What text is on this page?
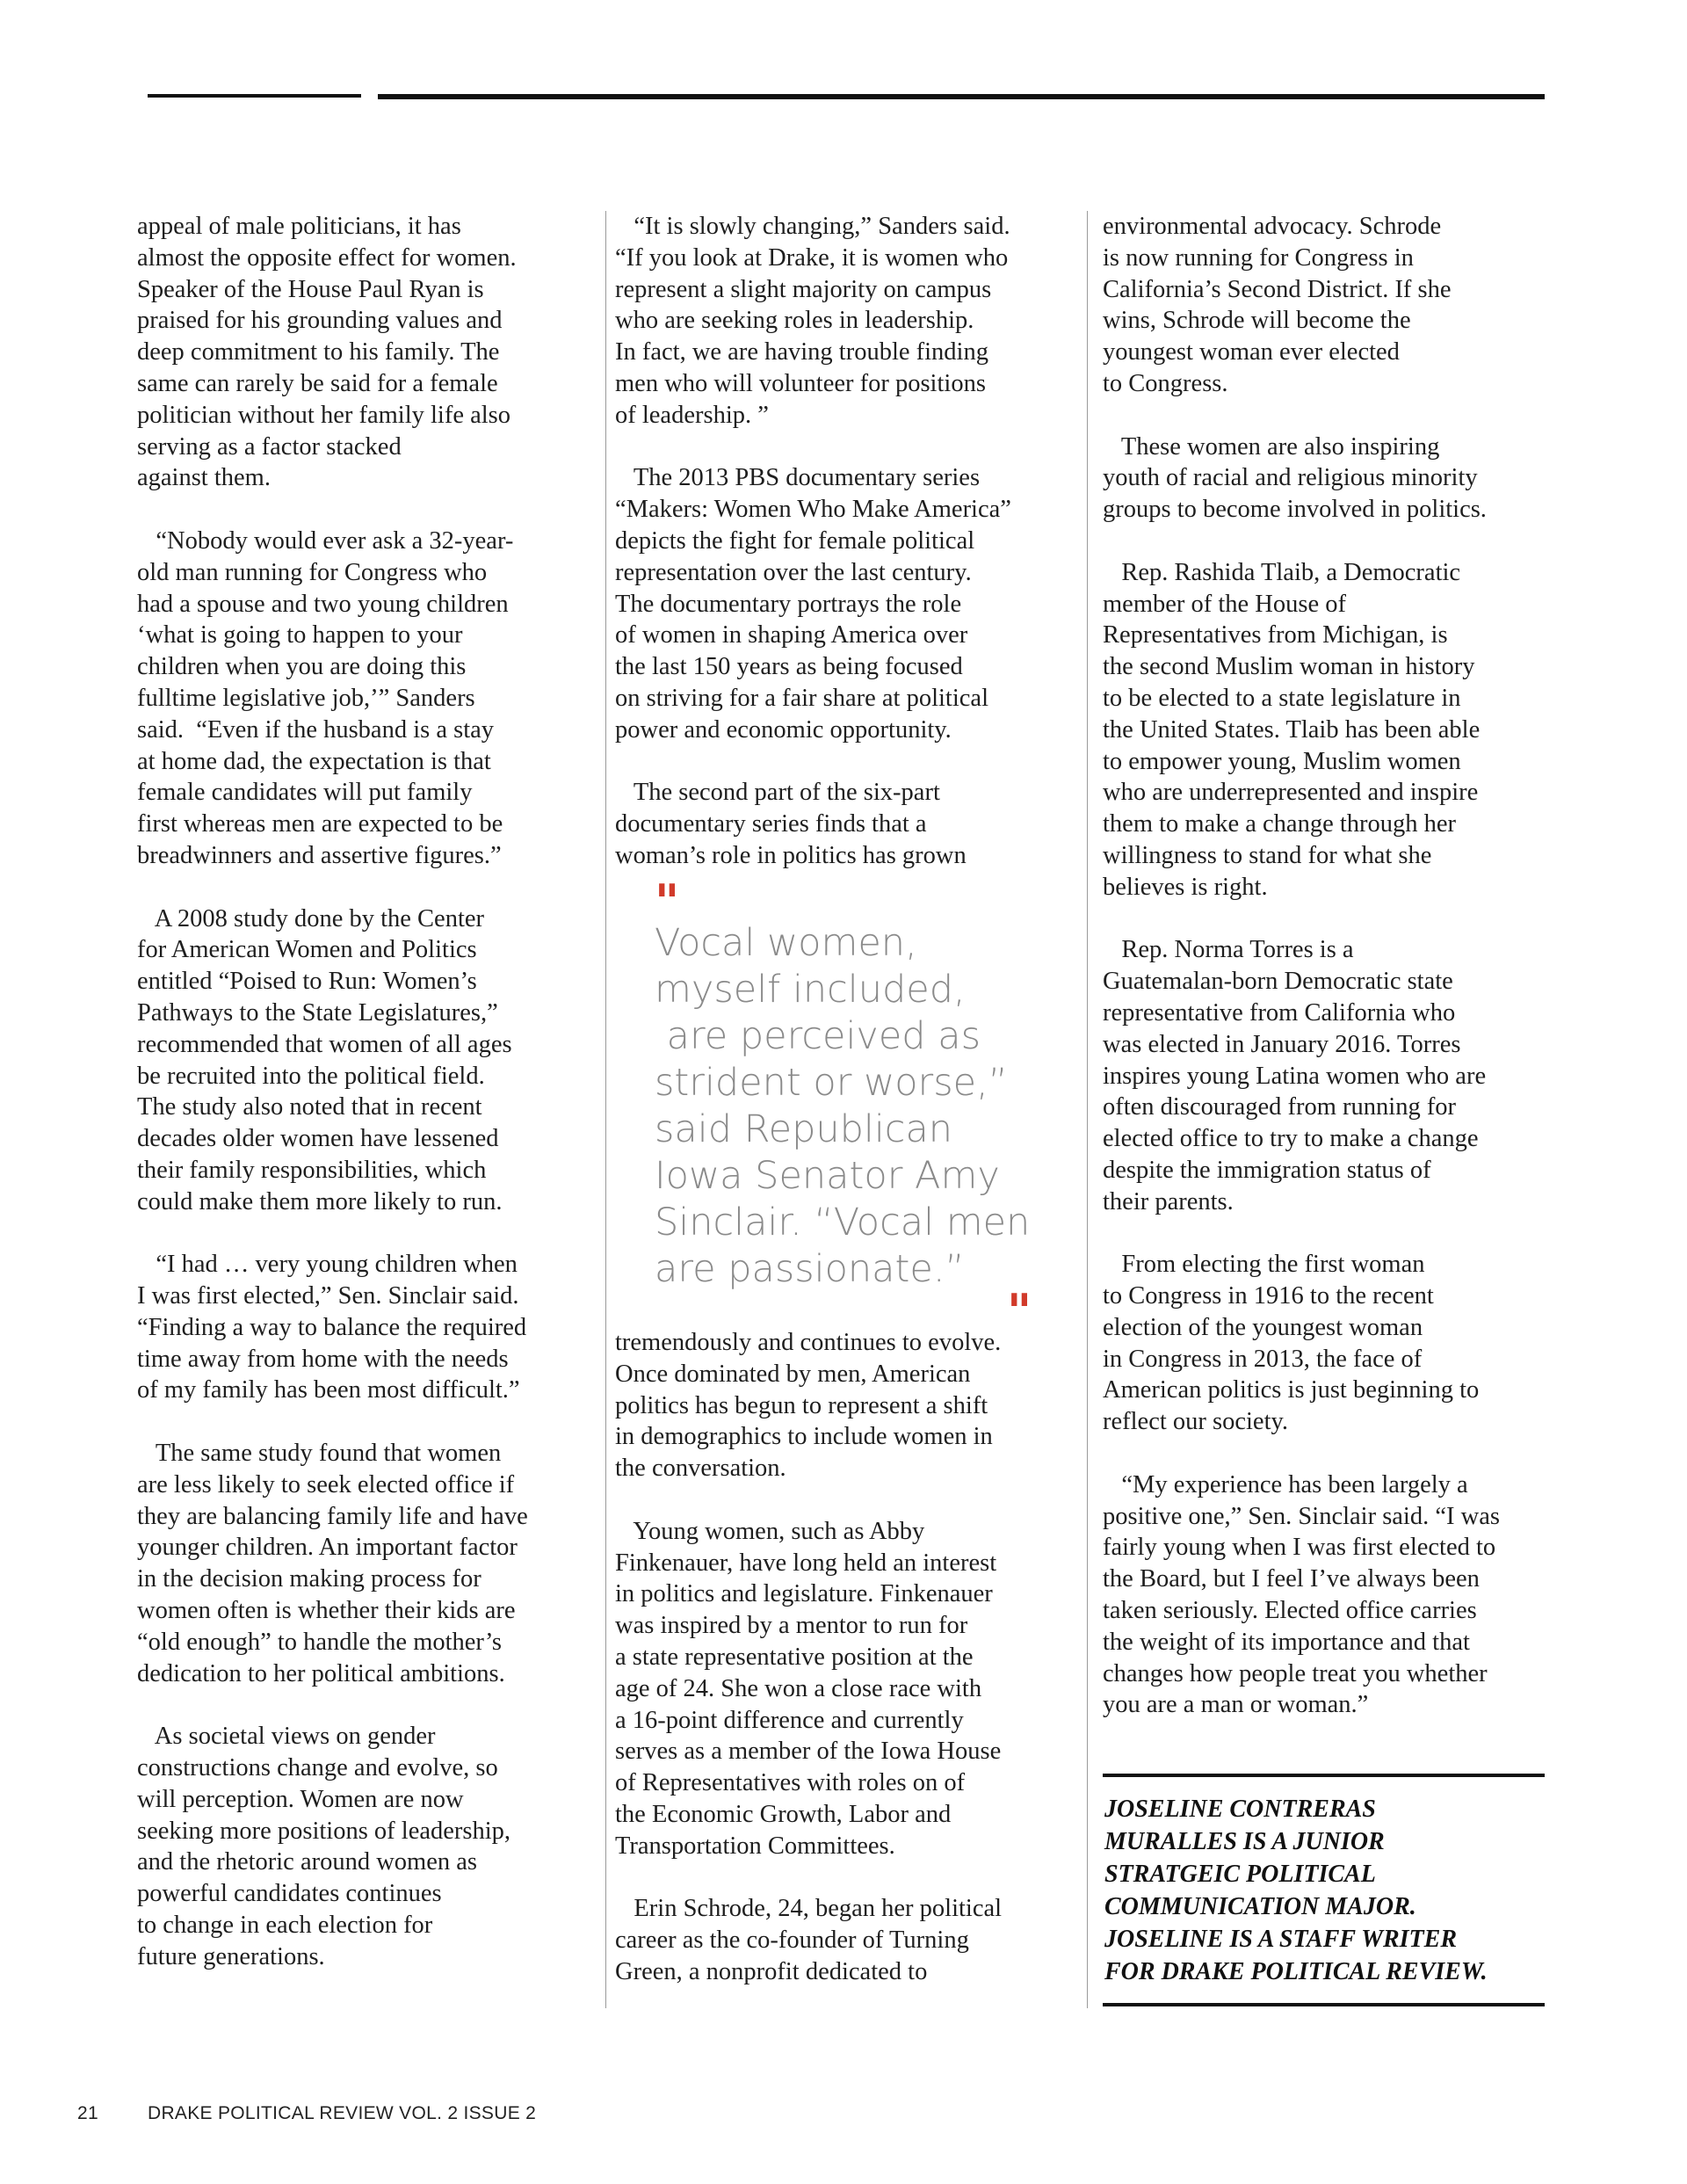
appeal of male politicians, it has

almost the opposite effect for women.

Speaker of the House Paul Ryan is

praised for his grounding values and

deep commitment to his family. The

same can rarely be said for a female

politician without her family life also

serving as a factor stacked

against them.

“Nobody would ever ask a 32-year-

old man running for Congress who

had a spouse and two young children

‘what is going to happen to your

children when you are doing this

fulltime legislative job,’” Sanders

said.  “Even if the husband is a stay

at home dad, the expectation is that

female candidates will put family

first whereas men are expected to be

breadwinners and assertive figures.”

A 2008 study done by the Center

for American Women and Politics

entitled “Poised to Run: Women’s

Pathways to the State Legislatures,”

recommended that women of all ages

be recruited into the political field.

The study also noted that in recent

decades older women have lessened

their family responsibilities, which

could make them more likely to run.

“I had … very young children when

I was first elected,” Sen. Sinclair said.

“Finding a way to balance the required

time away from home with the needs

of my family has been most difficult.”

The same study found that women

are less likely to seek elected office if

they are balancing family life and have

younger children. An important factor

in the decision making process for

women often is whether their kids are

“old enough” to handle the mother’s

dedication to her political ambitions.

As societal views on gender

constructions change and evolve, so

will perception. Women are now

seeking more positions of leadership,

and the rhetoric around women as

powerful candidates continues

to change in each election for

future generations.

“It is slowly changing,” Sanders said.

“If you look at Drake, it is women who

represent a slight majority on campus

who are seeking roles in leadership.

In fact, we are having trouble finding

men who will volunteer for positions

of leadership. ”

The 2013 PBS documentary series

“Makers: Women Who Make America”

depicts the fight for female political

representation over the last century.

The documentary portrays the role

of women in shaping America over

the last 150 years as being focused

on striving for a fair share at political

power and economic opportunity.

The second part of the six-part

documentary series finds that a

woman’s role in politics has grown

tremendously and continues to evolve.

Once dominated by men, American

politics has begun to represent a shift

in demographics to include women in

the conversation.

Young women, such as Abby

Finkenauer, have long held an interest

in politics and legislature. Finkenauer

was inspired by a mentor to run for

a state representative position at the

age of 24. She won a close race with

a 16-point difference and currently

serves as a member of the Iowa House

of Representatives with roles on of

the Economic Growth, Labor and

Transportation Committees.

Erin Schrode, 24, began her political

career as the co-founder of Turning

Green, a nonprofit dedicated to

"

Vocal women,

myself included,

are perceived as

strident or worse,”

said Republican

Iowa Senator Amy

Sinclair. “Vocal men

are passionate.”

"

environmental advocacy. Schrode

is now running for Congress in

California’s Second District. If she

wins, Schrode will become the

youngest woman ever elected

to Congress.

These women are also inspiring

youth of racial and religious minority

groups to become involved in politics.

Rep. Rashida Tlaib, a Democratic

member of the House of

Representatives from Michigan, is

the second Muslim woman in history

to be elected to a state legislature in

the United States. Tlaib has been able

to empower young, Muslim women

who are underrepresented and inspire

them to make a change through her

willingness to stand for what she

believes is right.

Rep. Norma Torres is a

Guatemalan-born Democratic state

representative from California who

was elected in January 2016. Torres

inspires young Latina women who are

often discouraged from running for

elected office to try to make a change

despite the immigration status of

their parents.

From electing the first woman

to Congress in 1916 to the recent

election of the youngest woman

in Congress in 2013, the face of

American politics is just beginning to

reflect our society.

“My experience has been largely a

positive one,” Sen. Sinclair said. “I was

fairly young when I was first elected to

the Board, but I feel I’ve always been

taken seriously. Elected office carries

the weight of its importance and that

changes how people treat you whether

you are a man or woman.”

JOSELINE CONTRERAS

MURALLES IS A JUNIOR

STRATGEIC POLITICAL

COMMUNICATION MAJOR.

JOSELINE IS A STAFF WRITER

FOR DRAKE POLITICAL REVIEW.

21	DRAKE POLITICAL REVIEW VOL. 2 ISSUE 2
